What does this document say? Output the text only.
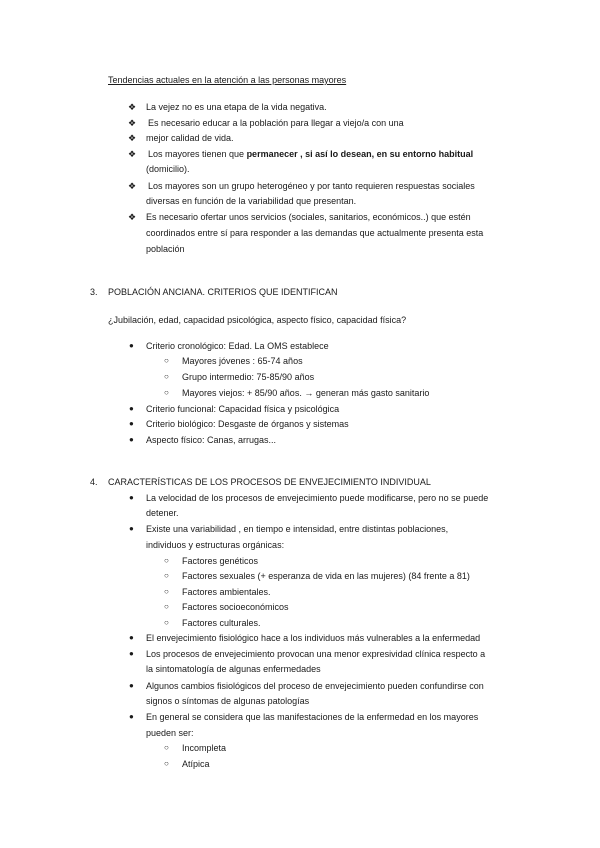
Tendencias actuales en la atención a las personas mayores
❖ La vejez no es una etapa de la vida negativa.
❖ Es necesario educar a la población para llegar a viejo/a con una
❖ mejor calidad de vida.
❖ Los mayores tienen que permanecer , si así lo desean, en su entorno habitual
(domicilio).
❖ Los mayores son un grupo heterogéneo y por tanto requieren respuestas sociales
diversas en función de la variabilidad que presentan.
❖ Es necesario ofertar unos servicios (sociales, sanitarios, económicos..) que estén
coordinados entre sí para responder a las demandas que actualmente presenta esta
población
3. POBLACIÓN ANCIANA. CRITERIOS QUE IDENTIFICAN
¿Jubilación, edad, capacidad psicológica, aspecto físico, capacidad física?
● Criterio cronológico: Edad. La OMS establece
○ Mayores jóvenes : 65-74 años
○ Grupo intermedio: 75-85/90 años
○ Mayores viejos: + 85/90 años. → generan más gasto sanitario
● Criterio funcional: Capacidad física y psicológica
● Criterio biológico: Desgaste de órganos y sistemas
● Aspecto físico: Canas, arrugas...
4. CARACTERÍSTICAS DE LOS PROCESOS DE ENVEJECIMIENTO INDIVIDUAL
● La velocidad de los procesos de envejecimiento puede modificarse, pero no se puede
detener.
● Existe una variabilidad , en tiempo e intensidad, entre distintas poblaciones,
individuos y estructuras orgánicas:
○ Factores genéticos
○ Factores sexuales (+ esperanza de vida en las mujeres) (84 frente a 81)
○ Factores ambientales.
○ Factores socioeconómicos
○ Factores culturales.
● El envejecimiento fisiológico hace a los individuos más vulnerables a la enfermedad
● Los procesos de envejecimiento provocan una menor expresividad clínica respecto a
la sintomatología de algunas enfermedades
● Algunos cambios fisiológicos del proceso de envejecimiento pueden confundirse con
signos o síntomas de algunas patologías
● En general se considera que las manifestaciones de la enfermedad en los mayores
pueden ser:
○ Incompleta
○ Atípica
